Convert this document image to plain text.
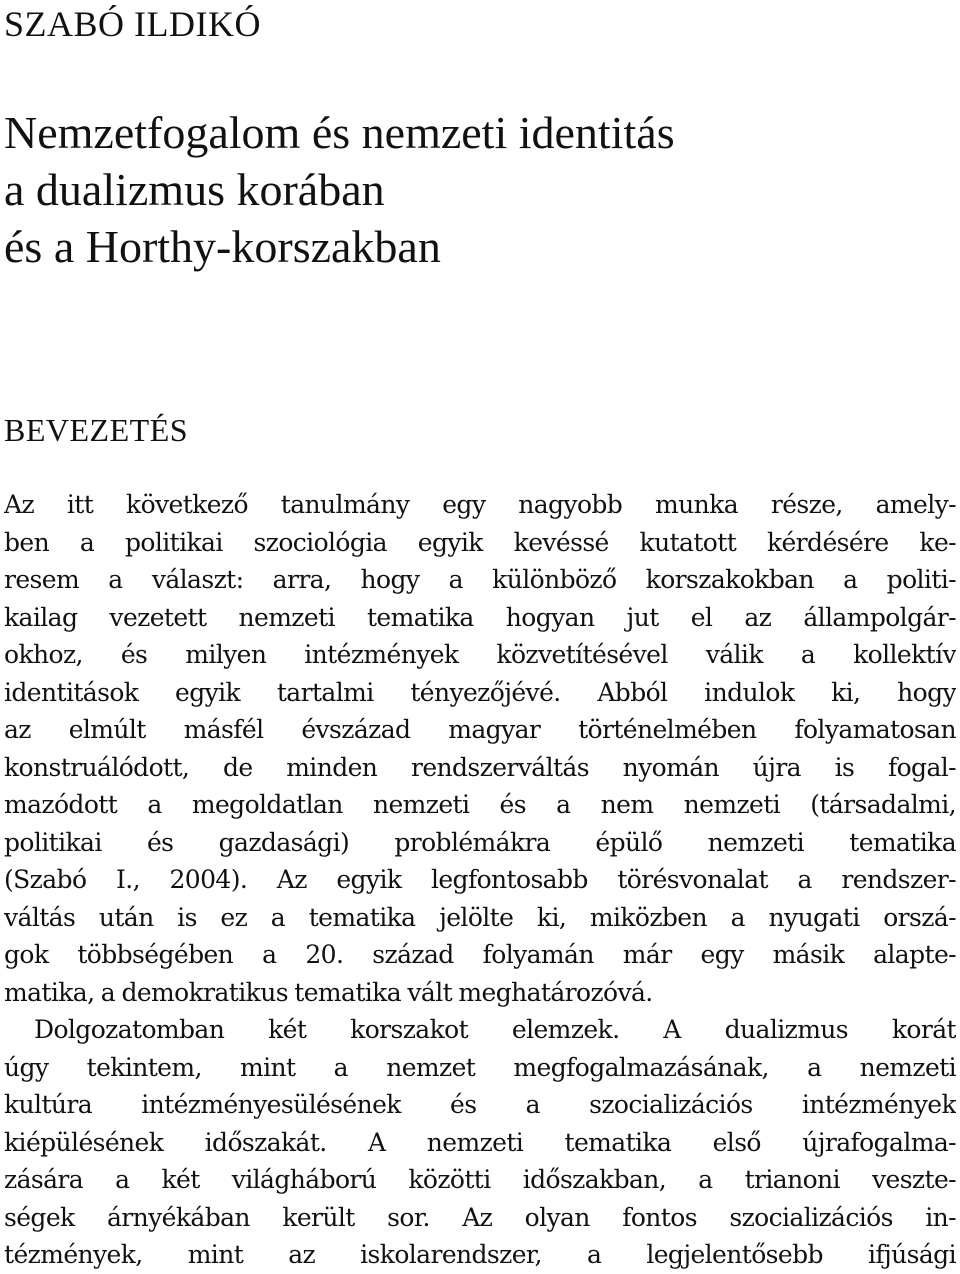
SZABÓ ILDIKÓ
Nemzetfogalom és nemzeti identitás
a dualizmus korában
és a Horthy-korszakban
BEVEZETÉS
Az itt következő tanulmány egy nagyobb munka része, amely-
ben a politikai szociológia egyik kevéssé kutatott kérdésére ke-
resem a választ: arra, hogy a különböző korszakokban a politi-
kailag vezetett nemzeti tematika hogyan jut el az állampolgár-
okhoz, és milyen intézmények közvetítésével válik a kollektív
identitások egyik tartalmi tényezőjévé. Abból indulok ki, hogy
az elmúlt másfél évszázad magyar történelmében folyamatosan
konstruálódott, de minden rendszerváltás nyomán újra is fogal-
mazódott a megoldatlan nemzeti és a nem nemzeti (társadalmi,
politikai és gazdasági) problémákra épülő nemzeti tematika
(Szabó I., 2004). Az egyik legfontosabb törésvonalat a rendszer-
váltás után is ez a tematika jelölte ki, miközben a nyugati orszá-
gok többségében a 20. század folyamán már egy másik alapte-
matika, a demokratikus tematika vált meghatározóvá.
Dolgozatomban két korszakot elemzek. A dualizmus korát
úgy tekintem, mint a nemzet megfogalmazásának, a nemzeti
kultúra intézményesülésének és a szocializációs intézmények
kiépülésének időszakát. A nemzeti tematika első újrafogalma-
zására a két világháború közötti időszakban, a trianoni veszte-
ségek árnyékában került sor. Az olyan fontos szocializációs in-
tézmények, mint az iskolarendszer, a legjelentősebb ifjúsági
